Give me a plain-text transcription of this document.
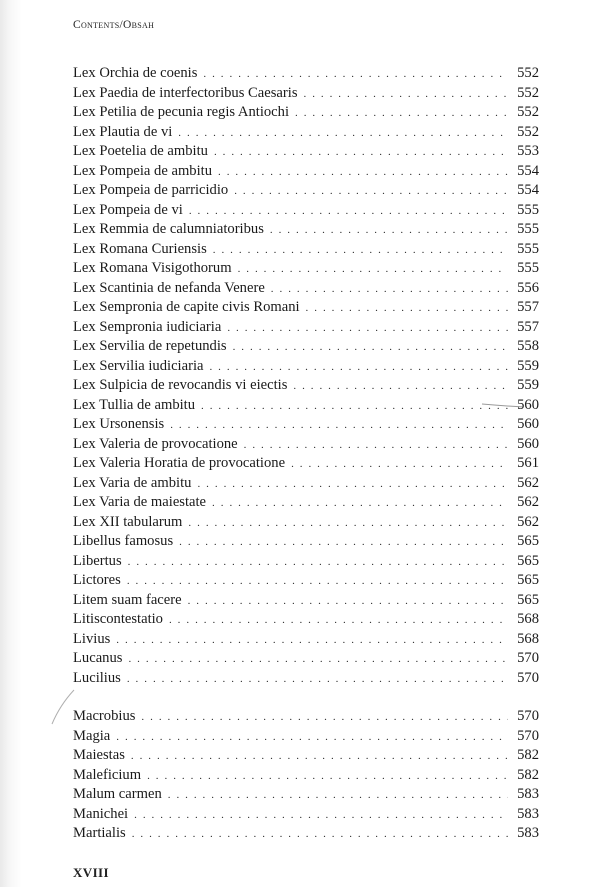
Contents/Obsah
Lex Orchia de coenis . . .	552
Lex Paedia de interfectoribus Caesaris . . .	552
Lex Petilia de pecunia regis Antiochi . . .	552
Lex Plautia de vi . . .	552
Lex Poetelia de ambitu . . .	553
Lex Pompeia de ambitu . . .	554
Lex Pompeia de parricidio . . .	554
Lex Pompeia de vi . . .	555
Lex Remmia de calumniatoribus . . .	555
Lex Romana Curiensis . . .	555
Lex Romana Visigothorum . . .	555
Lex Scantinia de nefanda Venere . . .	556
Lex Sempronia de capite civis Romani . . .	557
Lex Sempronia iudiciaria . . .	557
Lex Servilia de repetundis . . .	558
Lex Servilia iudiciaria . . .	559
Lex Sulpicia de revocandis vi eiectis . . .	559
Lex Tullia de ambitu . . .	560
Lex Ursonensis . . .	560
Lex Valeria de provocatione . . .	560
Lex Valeria Horatia de provocatione . . .	561
Lex Varia de ambitu . . .	562
Lex Varia de maiestate . . .	562
Lex XII tabularum . . .	562
Libellus famosus . . .	565
Libertus . . .	565
Lictores . . .	565
Litem suam facere . . .	565
Litiscontestatio . . .	568
Livius . . .	568
Lucanus . . .	570
Lucilius . . .	570
Macrobius . . .	570
Magia . . .	570
Maiestas . . .	582
Maleficium . . .	582
Malum carmen . . .	583
Manichei . . .	583
Martialis . . .	583
XVIII
